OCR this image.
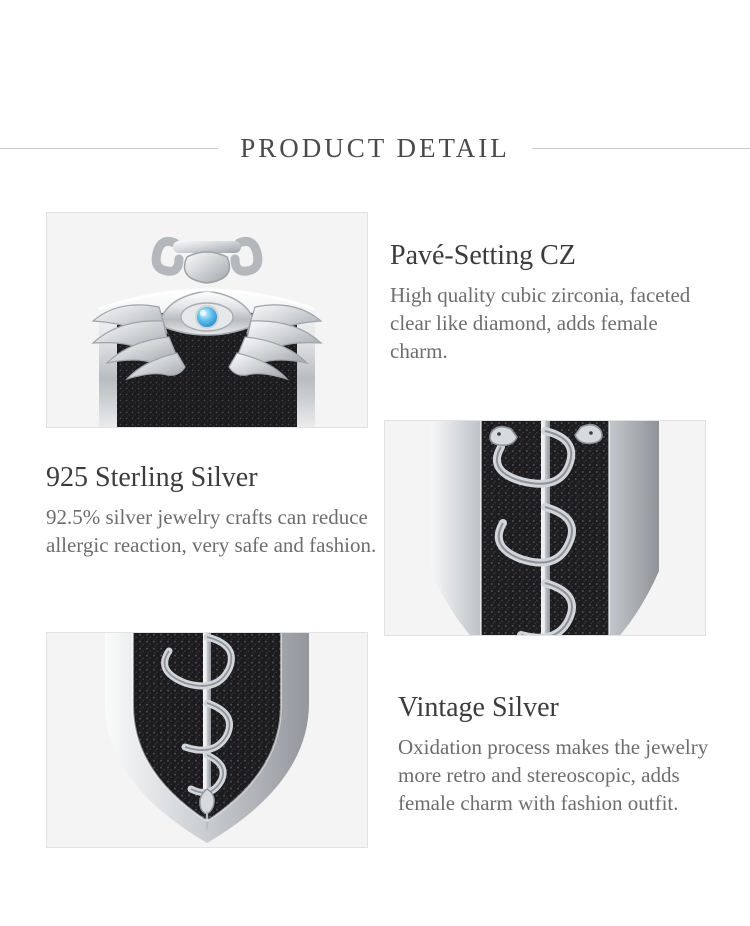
PRODUCT DETAIL
Pavé-Setting CZ

High quality cubic zirconia, faceted clear like diamond, adds female charm.

925 Sterling Silver

92.5% silver jewelry crafts can reduce allergic reaction, very safe and fashion.

Vintage Silver

Oxidation process makes the jewelry more retro and stereoscopic, adds female charm with fashion outfit.
